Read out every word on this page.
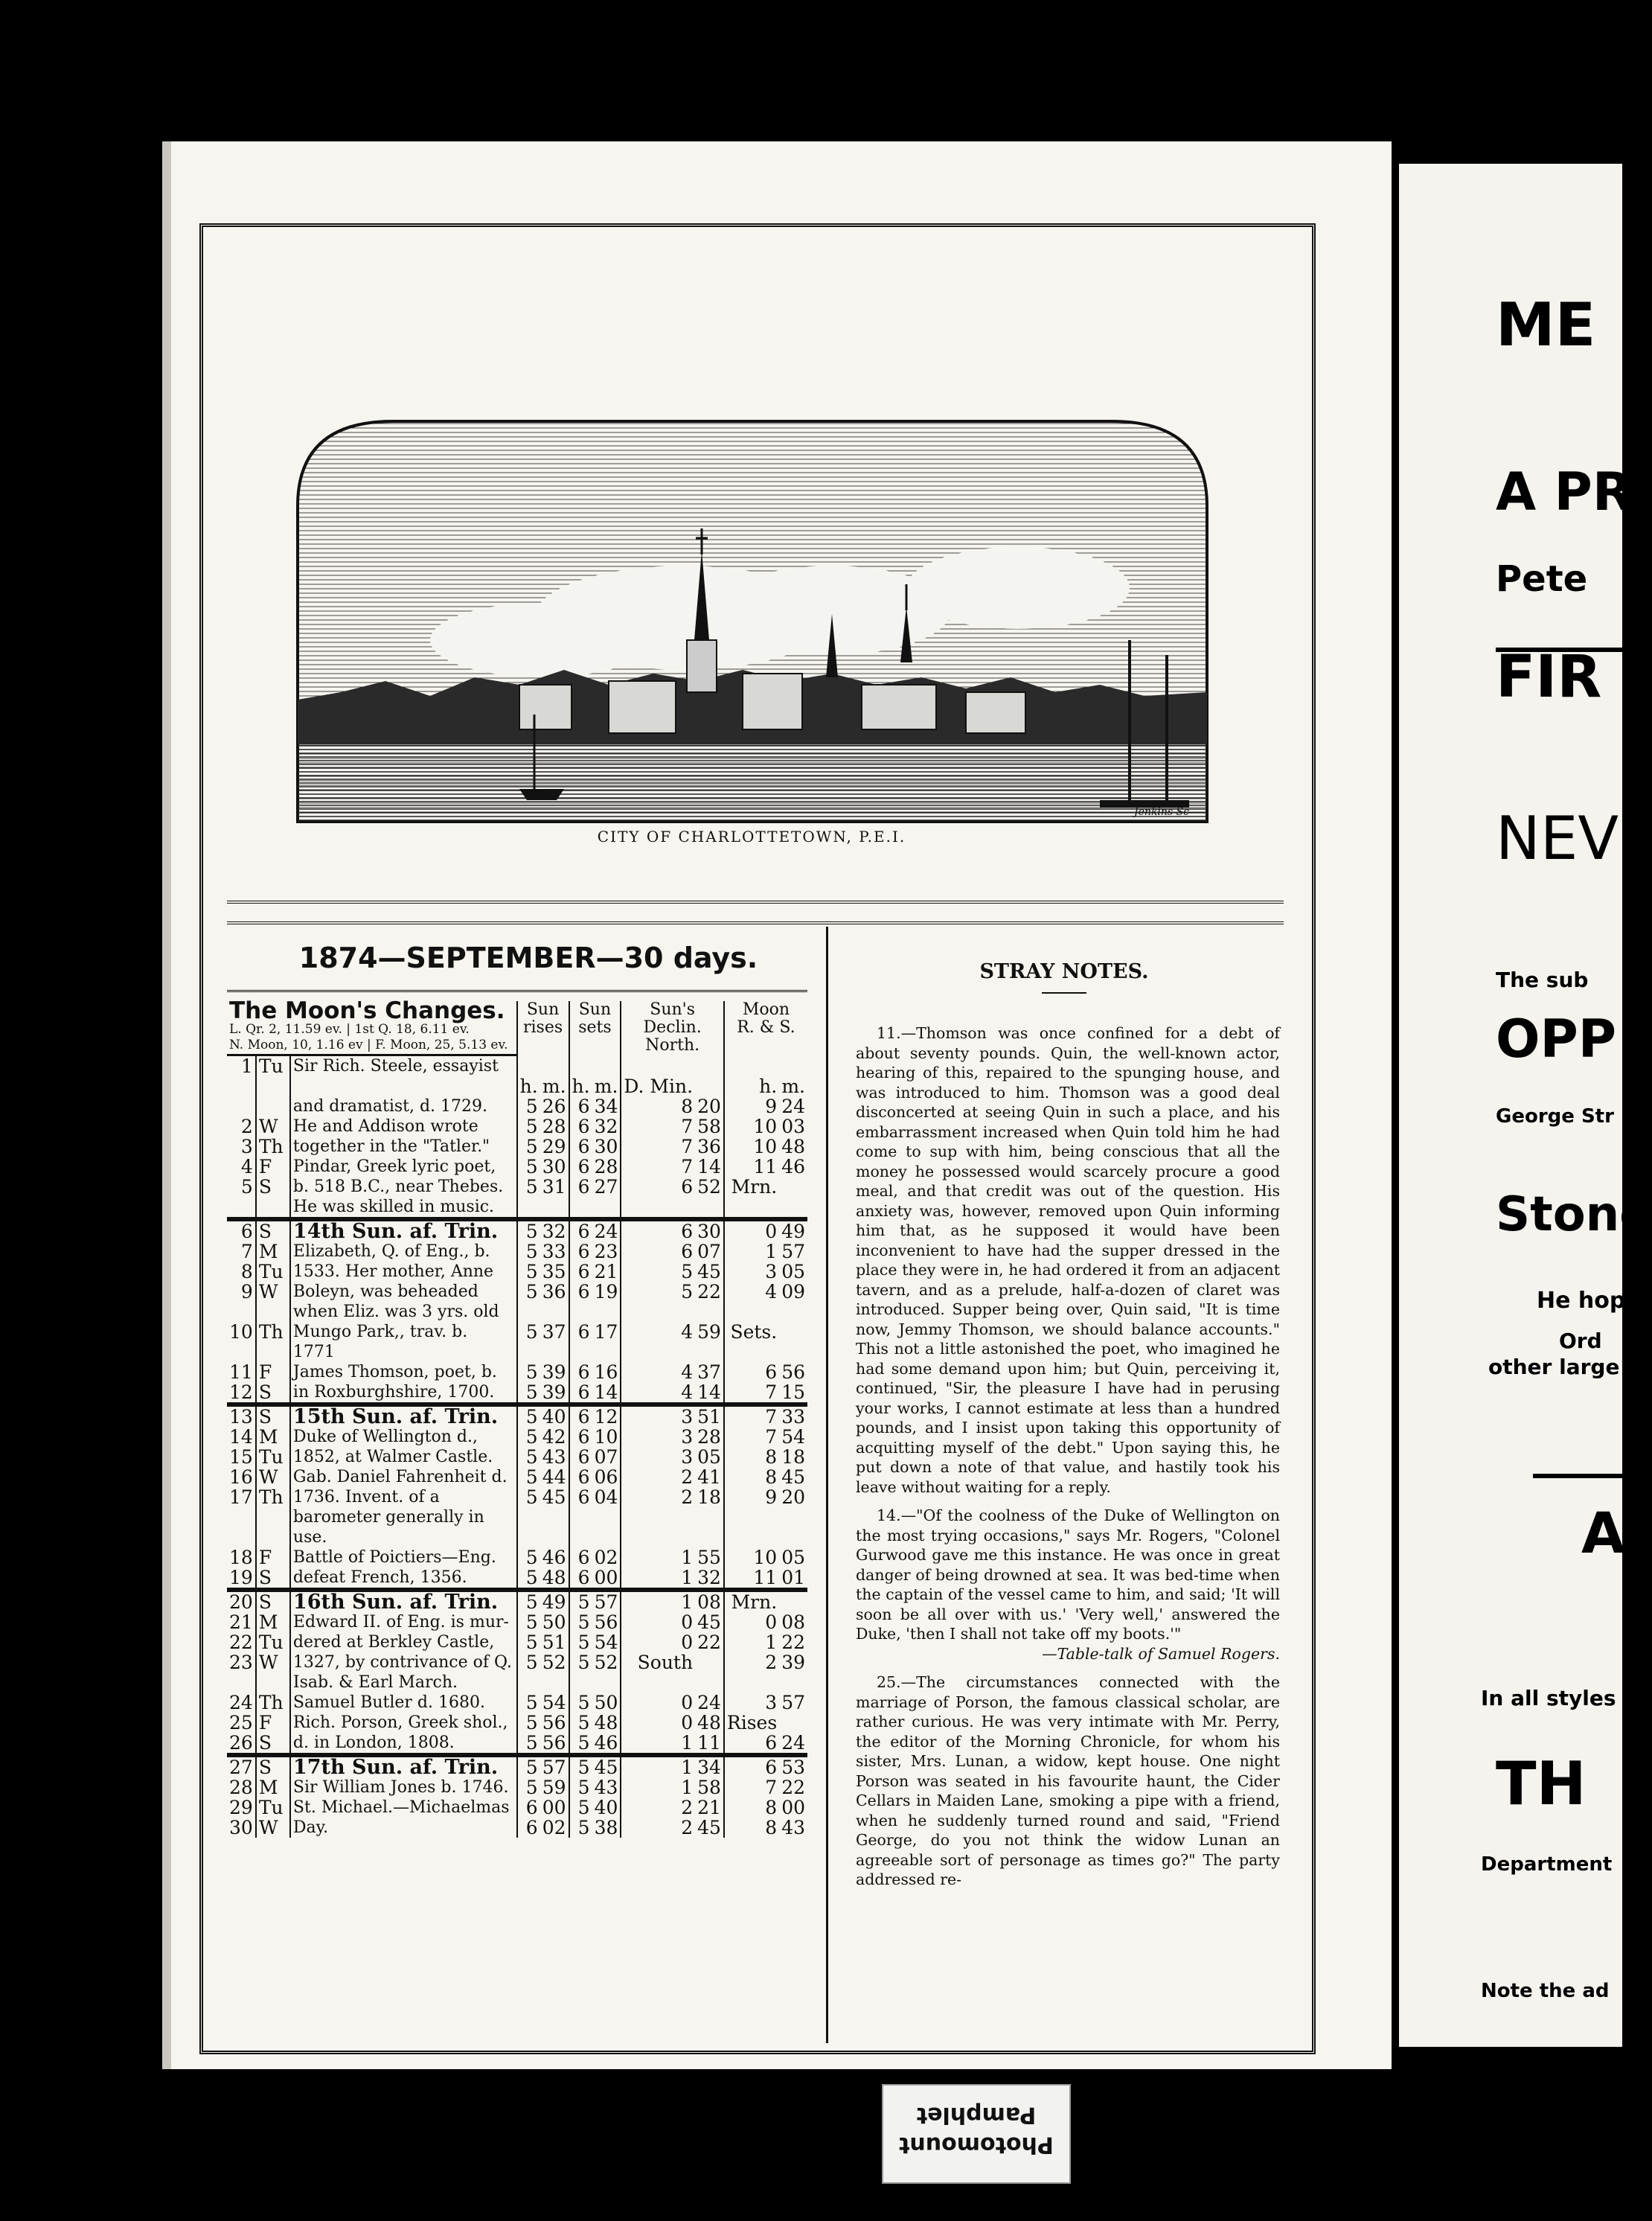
ME
A PR
Pete
FIR
NEV
The sub
OPP
George Str
Stone
He hop
Ord
other large
A
In all styles
TH
Department
Note the ad
Jenkins Sc
CITY OF CHARLOTTETOWN, P.E.I.
1874—SEPTEMBER—30 days.
The Moon's Changes.			Sun
rises		Sun
sets		Sun's
Declin.
North.		Moon
R. & S.	
L. Qr. 2, 11.59 ev. | 1st Q. 18, 6.11 ev.										
N. Moon, 10, 1.16 ev | F. Moon, 25, 5.13 ev.										
1	Tu	Sir Rich. Steele, essayist								
			h.	m.	h.	m.	D. Min.		h.	m.
		and dramatist, d. 1729.	5	26	6	34	8	20	9	24
2	W	He and Addison wrote	5	28	6	32	7	58	10	03
3	Th	together in the "Tatler."	5	29	6	30	7	36	10	48
4	F	Pindar, Greek lyric poet,	5	30	6	28	7	14	11	46
5	S	b. 518 B.C., near Thebes. He was skilled in music.	5	31	6	27	6	52	Mrn.	
6	S	14th Sun. af. Trin.	5	32	6	24	6	30	0	49
7	M	Elizabeth, Q. of Eng., b.	5	33	6	23	6	07	1	57
8	Tu	1533. Her mother, Anne	5	35	6	21	5	45	3	05
9	W	Boleyn, was beheaded when Eliz. was 3 yrs. old	5	36	6	19	5	22	4	09
10	Th	Mungo Park,, trav. b. 1771	5	37	6	17	4	59	Sets.	
11	F	James Thomson, poet, b.	5	39	6	16	4	37	6	56
12	S	in Roxburghshire, 1700.	5	39	6	14	4	14	7	15
13	S	15th Sun. af. Trin.	5	40	6	12	3	51	7	33
14	M	Duke of Wellington d.,	5	42	6	10	3	28	7	54
15	Tu	1852, at Walmer Castle.	5	43	6	07	3	05	8	18
16	W	Gab. Daniel Fahrenheit d.	5	44	6	06	2	41	8	45
17	Th	1736. Invent. of a barometer generally in use.	5	45	6	04	2	18	9	20
18	F	Battle of Poictiers—Eng.	5	46	6	02	1	55	10	05
19	S	defeat French, 1356.	5	48	6	00	1	32	11	01
20	S	16th Sun. af. Trin.	5	49	5	57	1	08	Mrn.	
21	M	Edward II. of Eng. is mur-	5	50	5	56	0	45	0	08
22	Tu	dered at Berkley Castle,	5	51	5	54	0	22	1	22
23	W	1327, by contrivance of Q. Isab. & Earl March.	5	52	5	52	South		2	39
24	Th	Samuel Butler d. 1680.	5	54	5	50	0	24	3	57
25	F	Rich. Porson, Greek shol.,	5	56	5	48	0	48	Rises	
26	S	d. in London, 1808.	5	56	5	46	1	11	6	24
27	S	17th Sun. af. Trin.	5	57	5	45	1	34	6	53
28	M	Sir William Jones b. 1746.	5	59	5	43	1	58	7	22
29	Tu	St. Michael.—Michaelmas	6	00	5	40	2	21	8	00
30	W	Day.	6	02	5	38	2	45	8	43
STRAY NOTES.

11.—Thomson was once confined for a debt of about seventy pounds. Quin, the well-known actor, hearing of this, repaired to the spunging house, and was introduced to him. Thomson was a good deal disconcerted at seeing Quin in such a place, and his embarrassment increased when Quin told him he had come to sup with him, being conscious that all the money he possessed would scarcely procure a good meal, and that credit was out of the question. His anxiety was, however, removed upon Quin informing him that, as he supposed it would have been inconvenient to have had the supper dressed in the place they were in, he had ordered it from an adjacent tavern, and as a prelude, half-a-dozen of claret was introduced. Supper being over, Quin said, "It is time now, Jemmy Thomson, we should balance accounts." This not a little astonished the poet, who imagined he had some demand upon him; but Quin, perceiving it, continued, "Sir, the pleasure I have had in perusing your works, I cannot estimate at less than a hundred pounds, and I insist upon taking this opportunity of acquitting myself of the debt." Upon saying this, he put down a note of that value, and hastily took his leave without waiting for a reply.

14.—"Of the coolness of the Duke of Wellington on the most trying occasions," says Mr. Rogers, "Colonel Gurwood gave me this instance. He was once in great danger of being drowned at sea. It was bed-time when the captain of the vessel came to him, and said; 'It will soon be all over with us.' 'Very well,' answered the Duke, 'then I shall not take off my boots.'"

—Table-talk of Samuel Rogers.

25.—The circumstances connected with the marriage of Porson, the famous classical scholar, are rather curious. He was very intimate with Mr. Perry, the editor of the Morning Chronicle, for whom his sister, Mrs. Lunan, a widow, kept house. One night Porson was seated in his favourite haunt, the Cider Cellars in Maiden Lane, smoking a pipe with a friend, when he suddenly turned round and said, "Friend George, do you not think the widow Lunan an agreeable sort of personage as times go?" The party addressed re-

Photomount
Pamphlet
